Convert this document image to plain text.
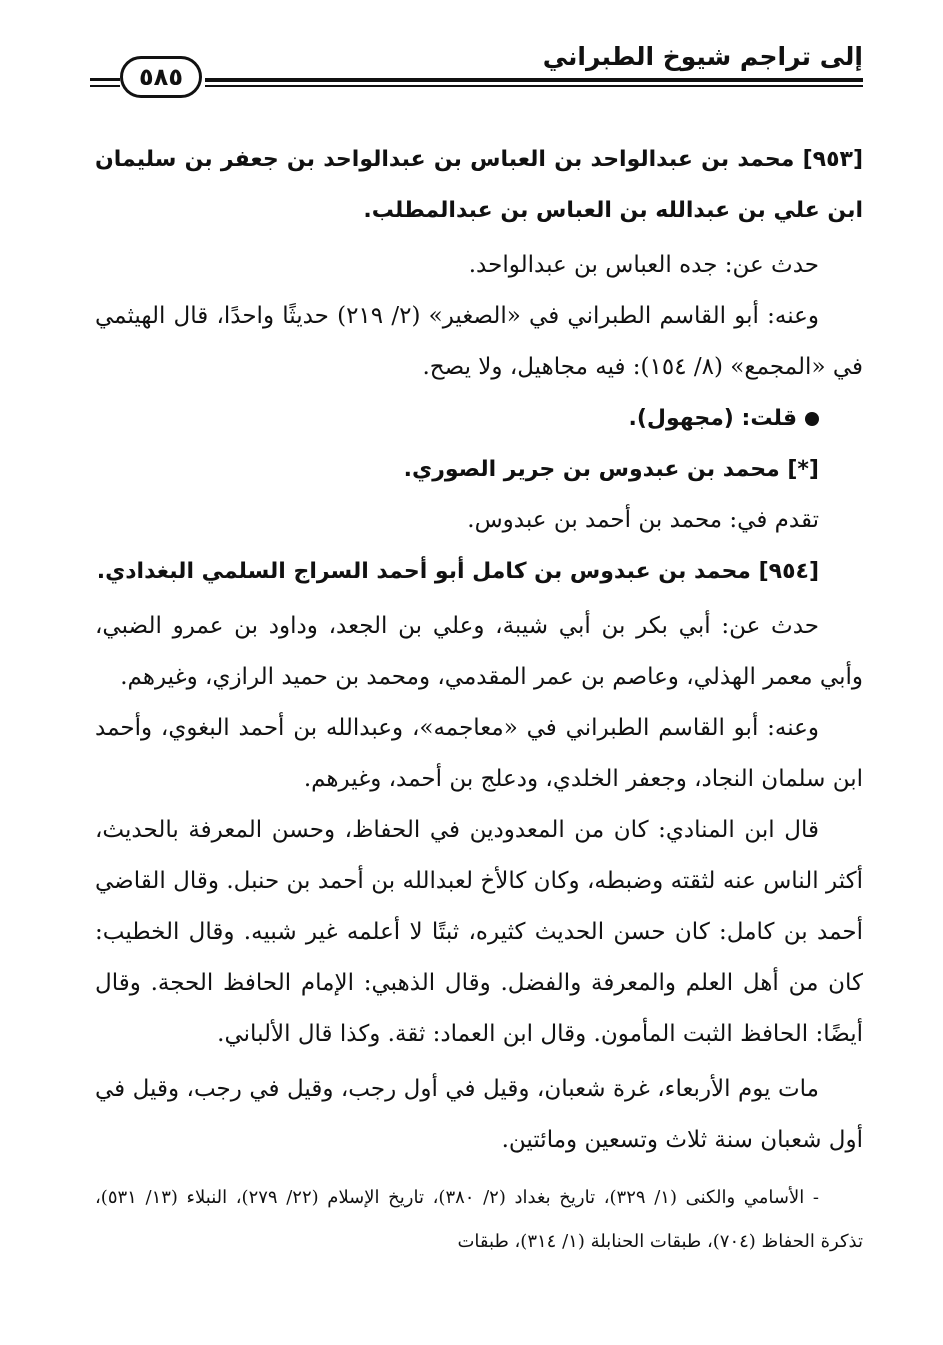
إلى تراجم شيوخ الطبراني
٥٨٥

[٩٥٣] محمد بن عبدالواحد بن العباس بن عبدالواحد بن جعفر بن سليمان ابن علي بن عبدالله بن العباس بن عبدالمطلب.

حدث عن: جده العباس بن عبدالواحد.

وعنه: أبو القاسم الطبراني في «الصغير» (٢/ ٢١٩) حديثًا واحدًا، قال الهيثمي في «المجمع» (٨/ ١٥٤): فيه مجاهيل، ولا يصح.

قلت: (مجهول).

[*] محمد بن عبدوس بن جرير الصوري.

تقدم في: محمد بن أحمد بن عبدوس.

[٩٥٤] محمد بن عبدوس بن كامل أبو أحمد السراج السلمي البغدادي.

حدث عن: أبي بكر بن أبي شيبة، وعلي بن الجعد، وداود بن عمرو الضبي، وأبي معمر الهذلي، وعاصم بن عمر المقدمي، ومحمد بن حميد الرازي، وغيرهم.

وعنه: أبو القاسم الطبراني في «معاجمه»، وعبدالله بن أحمد البغوي، وأحمد ابن سلمان النجاد، وجعفر الخلدي، ودعلج بن أحمد، وغيرهم.

قال ابن المنادي: كان من المعدودين في الحفاظ، وحسن المعرفة بالحديث، أكثر الناس عنه لثقته وضبطه، وكان كالأخ لعبدالله بن أحمد بن حنبل. وقال القاضي أحمد بن كامل: كان حسن الحديث كثيره، ثبتًا لا أعلمه غير شبيه. وقال الخطيب: كان من أهل العلم والمعرفة والفضل. وقال الذهبي: الإمام الحافظ الحجة. وقال أيضًا: الحافظ الثبت المأمون. وقال ابن العماد: ثقة. وكذا قال الألباني.

مات يوم الأربعاء، غرة شعبان، وقيل في أول رجب، وقيل في رجب، وقيل في أول شعبان سنة ثلاث وتسعين ومائتين.

- الأسامي والكنى (١/ ٣٢٩)، تاريخ بغداد (٢/ ٣٨٠)، تاريخ الإسلام (٢٢/ ٢٧٩)، النبلاء (١٣/ ٥٣١)، تذكرة الحفاظ (٧٠٤)، طبقات الحنابلة (١/ ٣١٤)، طبقات
